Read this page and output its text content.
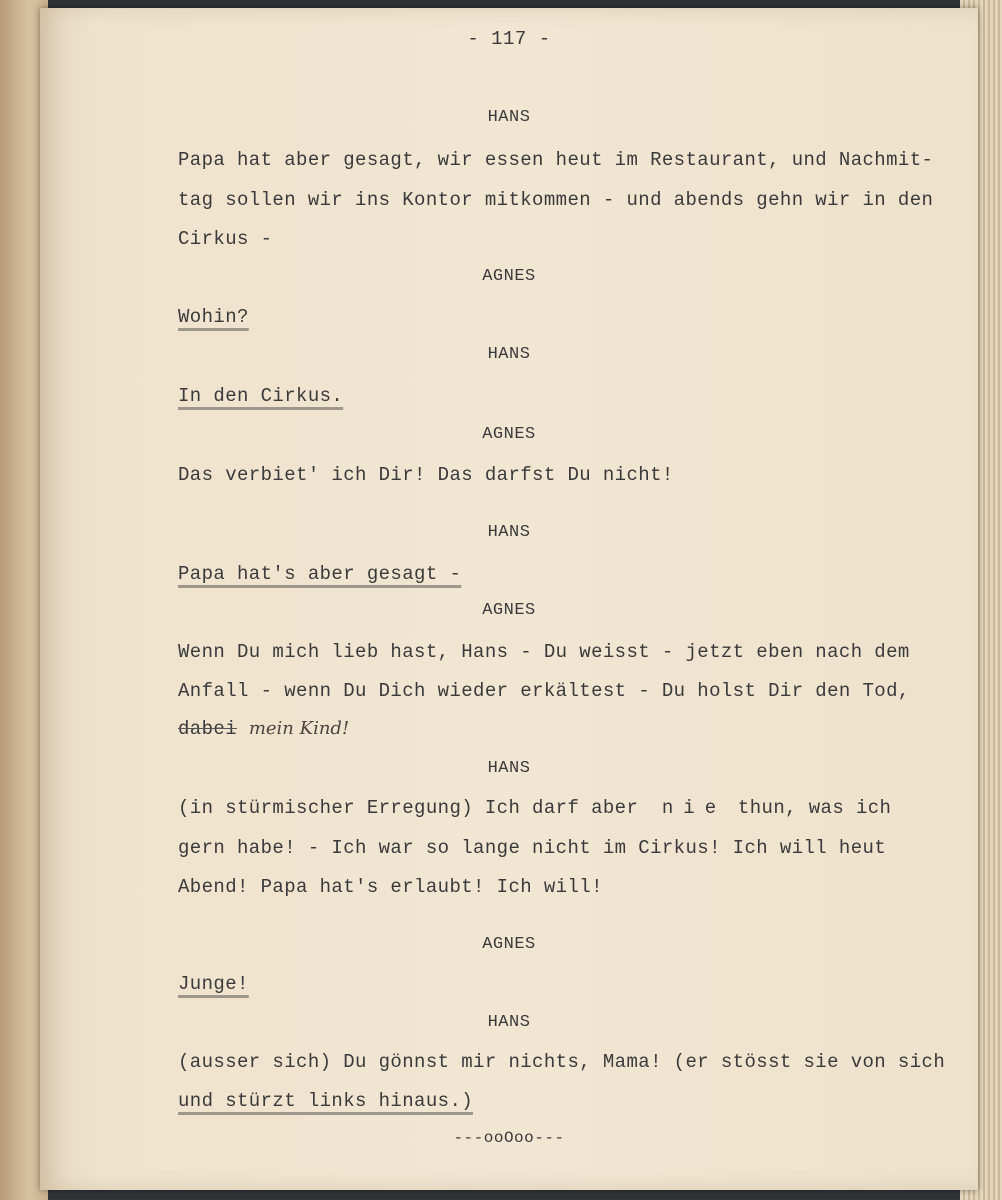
- 117 -
HANS
Papa hat aber gesagt, wir essen heut im Restaurant, und Nachmit-
tag sollen wir ins Kontor mitkommen - und abends gehn wir in den
Cirkus -
AGNES
Wohin?
HANS
In den Cirkus.
AGNES
Das verbiet' ich Dir! Das darfst Du nicht!
HANS
Papa hat's aber gesagt -
AGNES
Wenn Du mich lieb hast, Hans - Du weisst - jetzt eben nach dem
Anfall - wenn Du Dich wieder erkältest - Du holst Dir den Tod,
dabei mein Kind!
HANS
(in stürmischer Erregung) Ich darf aber nie thun, was ich
gern habe! - Ich war so lange nicht im Cirkus! Ich will heut
Abend! Papa hat's erlaubt! Ich will!
AGNES
Junge!
HANS
(ausser sich) Du gönnst mir nichts, Mama! (er stösst sie von sich
und stürzt links hinaus.)
---ooOoo---
